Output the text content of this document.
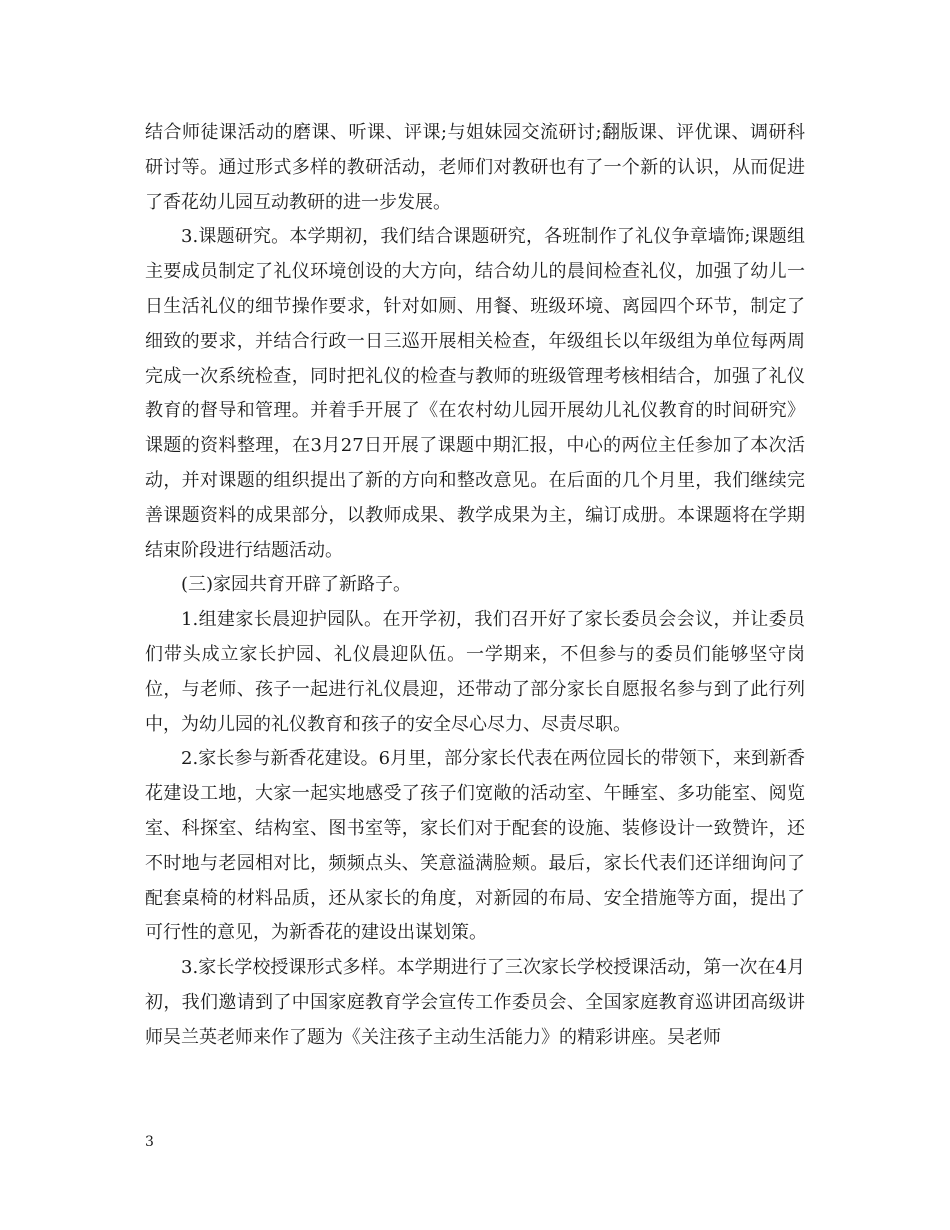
结合师徒课活动的磨课、听课、评课;与姐妹园交流研讨;翻版课、评优课、调研科研讨等。通过形式多样的教研活动，老师们对教研也有了一个新的认识，从而促进了香花幼儿园互动教研的进一步发展。

3.课题研究。本学期初，我们结合课题研究，各班制作了礼仪争章墙饰;课题组主要成员制定了礼仪环境创设的大方向，结合幼儿的晨间检查礼仪，加强了幼儿一日生活礼仪的细节操作要求，针对如厕、用餐、班级环境、离园四个环节，制定了细致的要求，并结合行政一日三巡开展相关检查，年级组长以年级组为单位每两周完成一次系统检查，同时把礼仪的检查与教师的班级管理考核相结合，加强了礼仪教育的督导和管理。并着手开展了《在农村幼儿园开展幼儿礼仪教育的时间研究》课题的资料整理，在3月27日开展了课题中期汇报，中心的两位主任参加了本次活动，并对课题的组织提出了新的方向和整改意见。在后面的几个月里，我们继续完善课题资料的成果部分，以教师成果、教学成果为主，编订成册。本课题将在学期结束阶段进行结题活动。

(三)家园共育开辟了新路子。

1.组建家长晨迎护园队。在开学初，我们召开好了家长委员会会议，并让委员们带头成立家长护园、礼仪晨迎队伍。一学期来，不但参与的委员们能够坚守岗位，与老师、孩子一起进行礼仪晨迎，还带动了部分家长自愿报名参与到了此行列中，为幼儿园的礼仪教育和孩子的安全尽心尽力、尽责尽职。

2.家长参与新香花建设。6月里，部分家长代表在两位园长的带领下，来到新香花建设工地，大家一起实地感受了孩子们宽敞的活动室、午睡室、多功能室、阅览室、科探室、结构室、图书室等，家长们对于配套的设施、装修设计一致赞许，还不时地与老园相对比，频频点头、笑意溢满脸颊。最后，家长代表们还详细询问了配套桌椅的材料品质，还从家长的角度，对新园的布局、安全措施等方面，提出了可行性的意见，为新香花的建设出谋划策。

3.家长学校授课形式多样。本学期进行了三次家长学校授课活动，第一次在4月初，我们邀请到了中国家庭教育学会宣传工作委员会、全国家庭教育巡讲团高级讲师吴兰英老师来作了题为《关注孩子主动生活能力》的精彩讲座。吴老师

3
